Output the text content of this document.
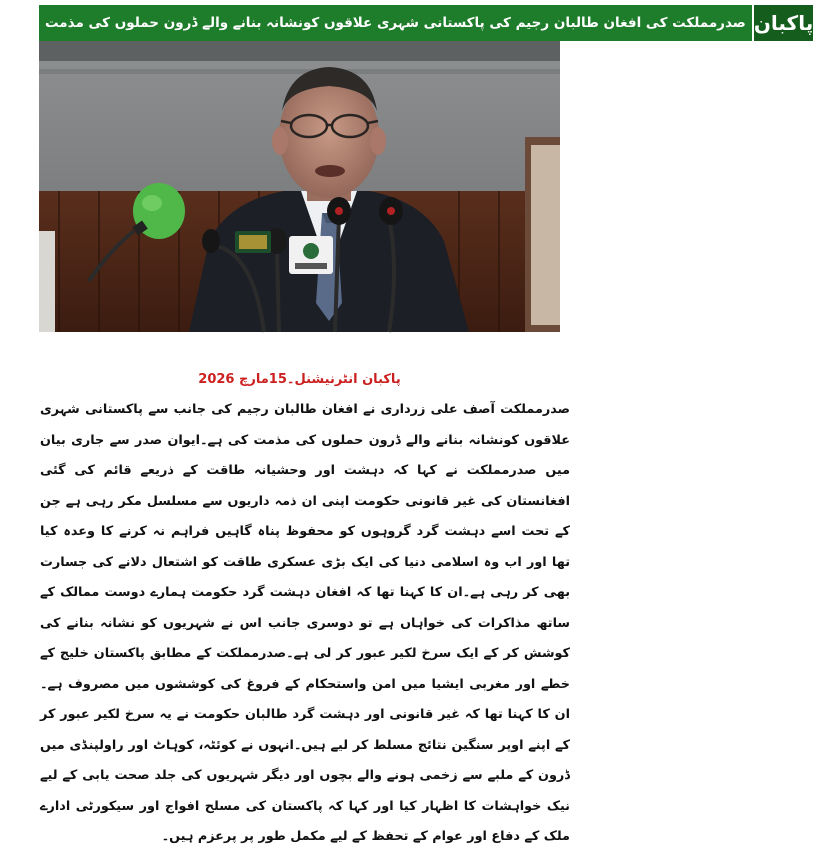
صدرمملکت کی افغان طالبان رجیم کی پاکستانی شہری علاقوں کونشانہ بنانے والے ڈرون حملوں کی مذمت پاکبان
پاکبان انٹرنیشنل۔15مارچ 2026
صدرمملکت آصف علی زرداری نے افغان طالبان رجیم کی جانب سے پاکستانی شہری علاقوں کونشانہ بنانے والے ڈرون حملوں کی مذمت کی ہے۔ایوان صدر سے جاری بیان میں صدرمملکت نے کہا کہ دہشت اور وحشیانہ طاقت کے ذریعے قائم کی گئی افغانستان کی غیر قانونی حکومت اپنی ان ذمہ داریوں سے مسلسل مکر رہی ہے جن کے تحت اسے دہشت گرد گروہوں کو محفوظ پناہ گاہیں فراہم نہ کرنے کا وعدہ کیا تھا اور اب وہ اسلامی دنیا کی ایک بڑی عسکری طاقت کو اشتعال دلانے کی جسارت بھی کر رہی ہے۔ان کا کہنا تھا کہ افغان دہشت گرد حکومت ہمارے دوست ممالک کے ساتھ مذاکرات کی خواہاں ہے تو دوسری جانب اس نے شہریوں کو نشانہ بنانے کی کوشش کر کے ایک سرخ لکیر عبور کر لی ہے۔صدرمملکت کے مطابق پاکستان خلیج کے خطے اور مغربی ایشیا میں امن واستحکام کے فروغ کی کوششوں میں مصروف ہے۔ان کا کہنا تھا کہ غیر قانونی اور دہشت گرد طالبان حکومت نے یہ سرخ لکیر عبور کر کے اپنے اوپر سنگین نتائج مسلط کر لیے ہیں۔انہوں نے کوئٹہ، کوہاٹ اور راولپنڈی میں ڈرون کے ملبے سے زخمی ہونے والے بچوں اور دیگر شہریوں کی جلد صحت یابی کے لیے نیک خواہشات کا اظہار کیا اور کہا کہ پاکستان کی مسلح افواج اور سیکورٹی ادارے ملک کے دفاع اور عوام کے تحفظ کے لیے مکمل طور پر پرعزم ہیں۔
